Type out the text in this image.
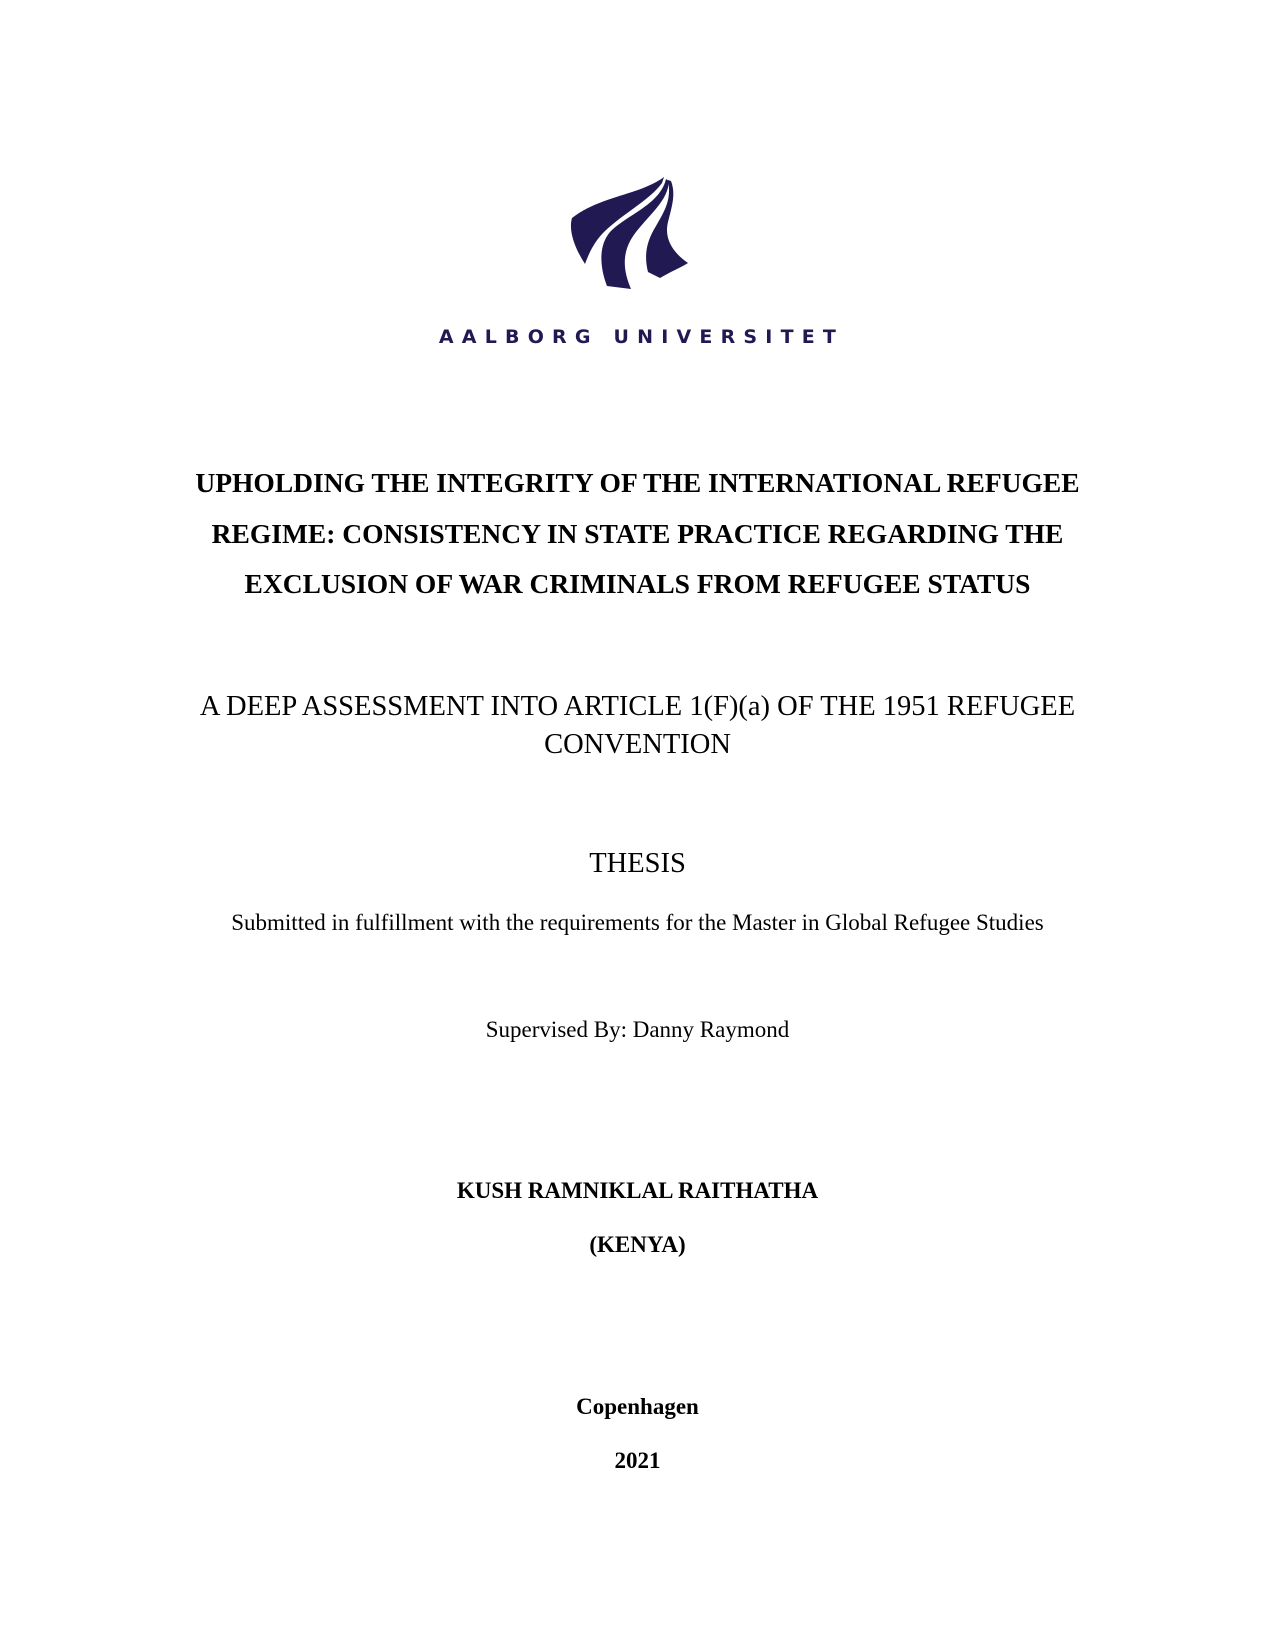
AALBORG UNIVERSITET
UPHOLDING THE INTEGRITY OF THE INTERNATIONAL REFUGEE
REGIME: CONSISTENCY IN STATE PRACTICE REGARDING THE
EXCLUSION OF WAR CRIMINALS FROM REFUGEE STATUS
A DEEP ASSESSMENT INTO ARTICLE 1(F)(a) OF THE 1951 REFUGEE
CONVENTION
THESIS
Submitted in fulfillment with the requirements for the Master in Global Refugee Studies
Supervised By: Danny Raymond
KUSH RAMNIKLAL RAITHATHA
(KENYA)
Copenhagen
2021
